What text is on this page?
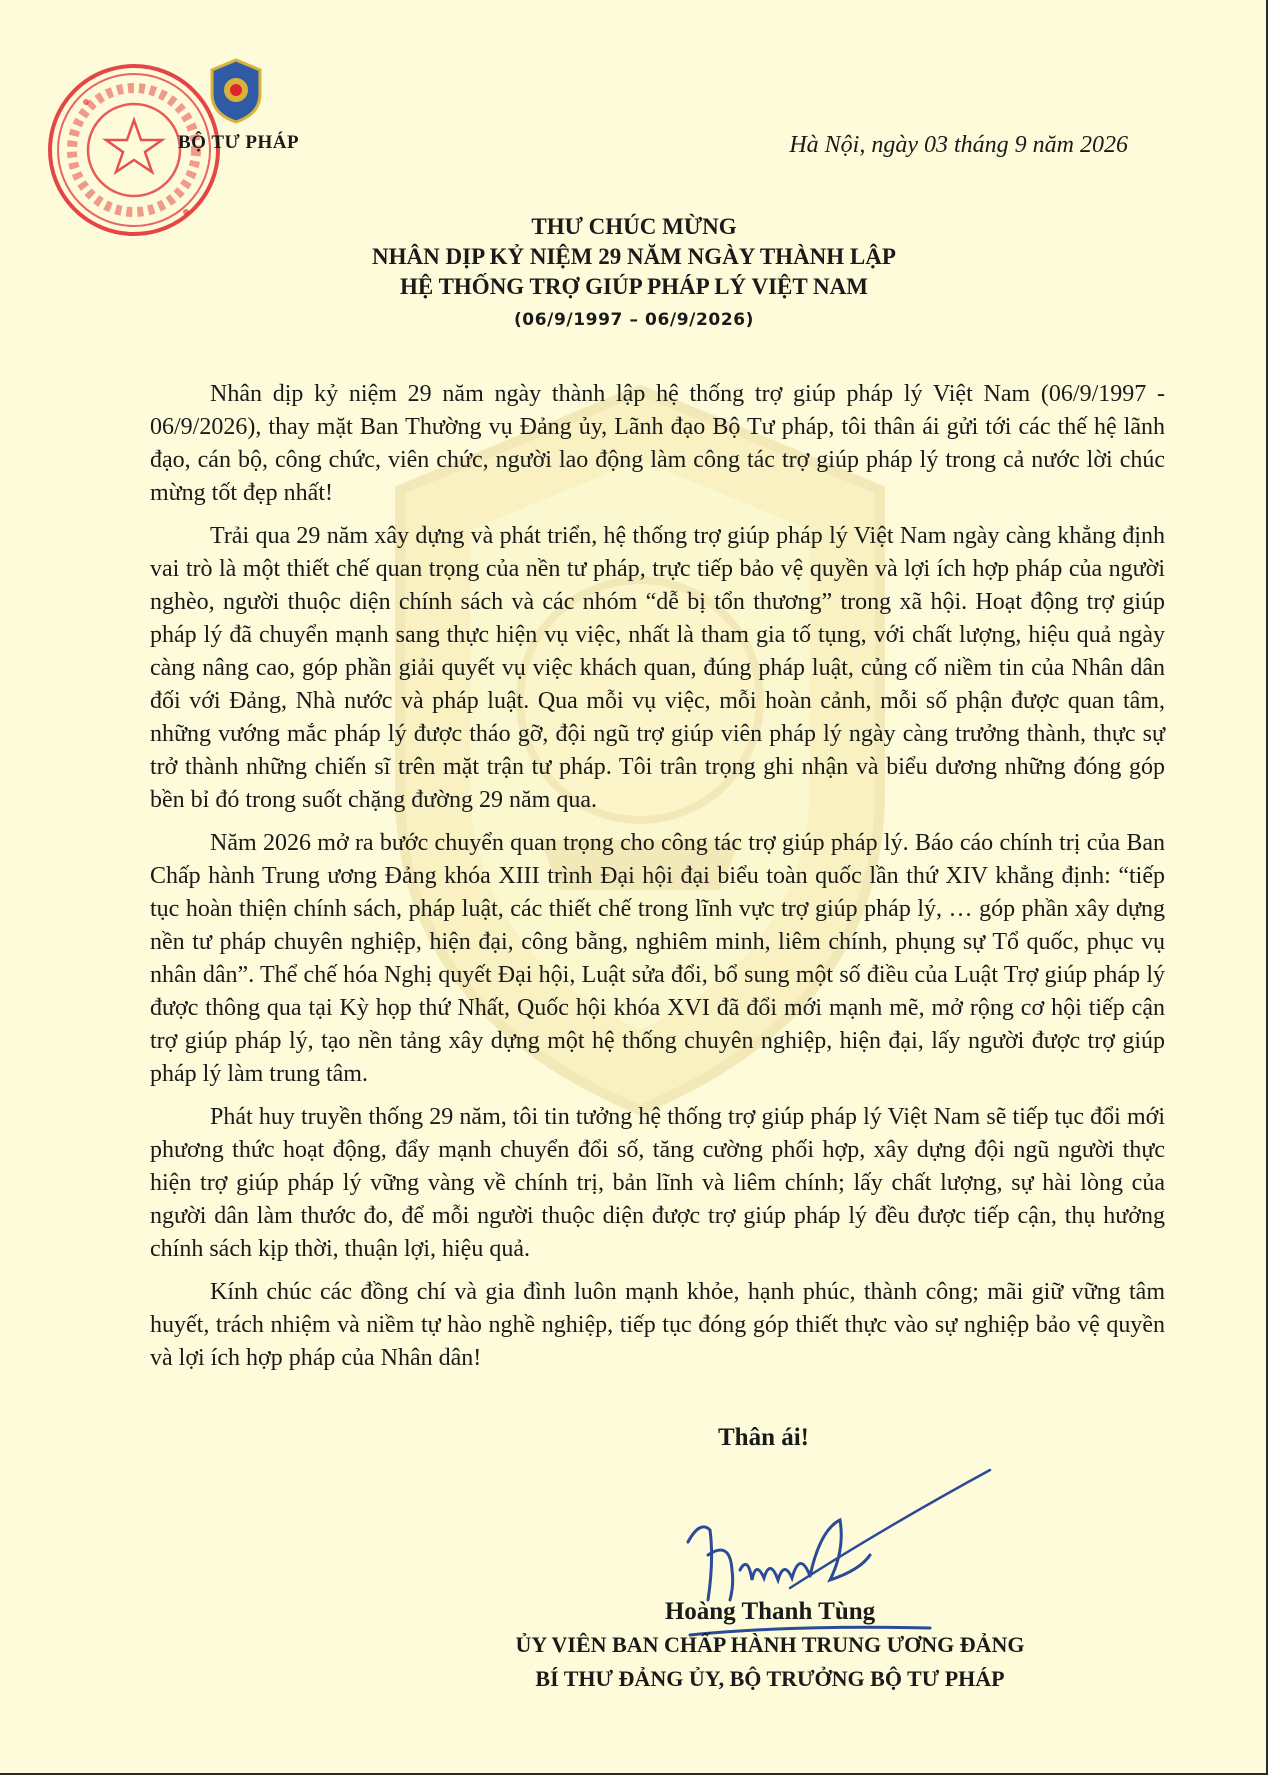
BỘ TƯ PHÁP	Hà Nội, ngày 03 tháng 9 năm 2026

THƯ CHÚC MỪNG

NHÂN DỊP KỶ NIỆM 29 NĂM NGÀY THÀNH LẬP

HỆ THỐNG TRỢ GIÚP PHÁP LÝ VIỆT NAM

(06/9/1997 – 06/9/2026)

Nhân dịp kỷ niệm 29 năm ngày thành lập hệ thống trợ giúp pháp lý Việt Nam (06/9/1997 - 06/9/2026), thay mặt Ban Thường vụ Đảng ủy, Lãnh đạo Bộ Tư pháp, tôi thân ái gửi tới các thế hệ lãnh đạo, cán bộ, công chức, viên chức, người lao động làm công tác trợ giúp pháp lý trong cả nước lời chúc mừng tốt đẹp nhất!

Trải qua 29 năm xây dựng và phát triển, hệ thống trợ giúp pháp lý Việt Nam ngày càng khẳng định vai trò là một thiết chế quan trọng của nền tư pháp, trực tiếp bảo vệ quyền và lợi ích hợp pháp của người nghèo, người thuộc diện chính sách và các nhóm “dễ bị tổn thương” trong xã hội. Hoạt động trợ giúp pháp lý đã chuyển mạnh sang thực hiện vụ việc, nhất là tham gia tố tụng, với chất lượng, hiệu quả ngày càng nâng cao, góp phần giải quyết vụ việc khách quan, đúng pháp luật, củng cố niềm tin của Nhân dân đối với Đảng, Nhà nước và pháp luật. Qua mỗi vụ việc, mỗi hoàn cảnh, mỗi số phận được quan tâm, những vướng mắc pháp lý được tháo gỡ, đội ngũ trợ giúp viên pháp lý ngày càng trưởng thành, thực sự trở thành những chiến sĩ trên mặt trận tư pháp. Tôi trân trọng ghi nhận và biểu dương những đóng góp bền bỉ đó trong suốt chặng đường 29 năm qua.

Năm 2026 mở ra bước chuyển quan trọng cho công tác trợ giúp pháp lý. Báo cáo chính trị của Ban Chấp hành Trung ương Đảng khóa XIII trình Đại hội đại biểu toàn quốc lần thứ XIV khẳng định: “tiếp tục hoàn thiện chính sách, pháp luật, các thiết chế trong lĩnh vực trợ giúp pháp lý, … góp phần xây dựng nền tư pháp chuyên nghiệp, hiện đại, công bằng, nghiêm minh, liêm chính, phụng sự Tổ quốc, phục vụ nhân dân”. Thể chế hóa Nghị quyết Đại hội, Luật sửa đổi, bổ sung một số điều của Luật Trợ giúp pháp lý được thông qua tại Kỳ họp thứ Nhất, Quốc hội khóa XVI đã đổi mới mạnh mẽ, mở rộng cơ hội tiếp cận trợ giúp pháp lý, tạo nền tảng xây dựng một hệ thống chuyên nghiệp, hiện đại, lấy người được trợ giúp pháp lý làm trung tâm.

Phát huy truyền thống 29 năm, tôi tin tưởng hệ thống trợ giúp pháp lý Việt Nam sẽ tiếp tục đổi mới phương thức hoạt động, đẩy mạnh chuyển đổi số, tăng cường phối hợp, xây dựng đội ngũ người thực hiện trợ giúp pháp lý vững vàng về chính trị, bản lĩnh và liêm chính; lấy chất lượng, sự hài lòng của người dân làm thước đo, để mỗi người thuộc diện được trợ giúp pháp lý đều được tiếp cận, thụ hưởng chính sách kịp thời, thuận lợi, hiệu quả.

Kính chúc các đồng chí và gia đình luôn mạnh khỏe, hạnh phúc, thành công; mãi giữ vững tâm huyết, trách nhiệm và niềm tự hào nghề nghiệp, tiếp tục đóng góp thiết thực vào sự nghiệp bảo vệ quyền và lợi ích hợp pháp của Nhân dân!

Thân ái!
Hoàng Thanh Tùng
ỦY VIÊN BAN CHẤP HÀNH TRUNG ƯƠNG ĐẢNG
BÍ THƯ ĐẢNG ỦY, BỘ TRƯỞNG BỘ TƯ PHÁP
